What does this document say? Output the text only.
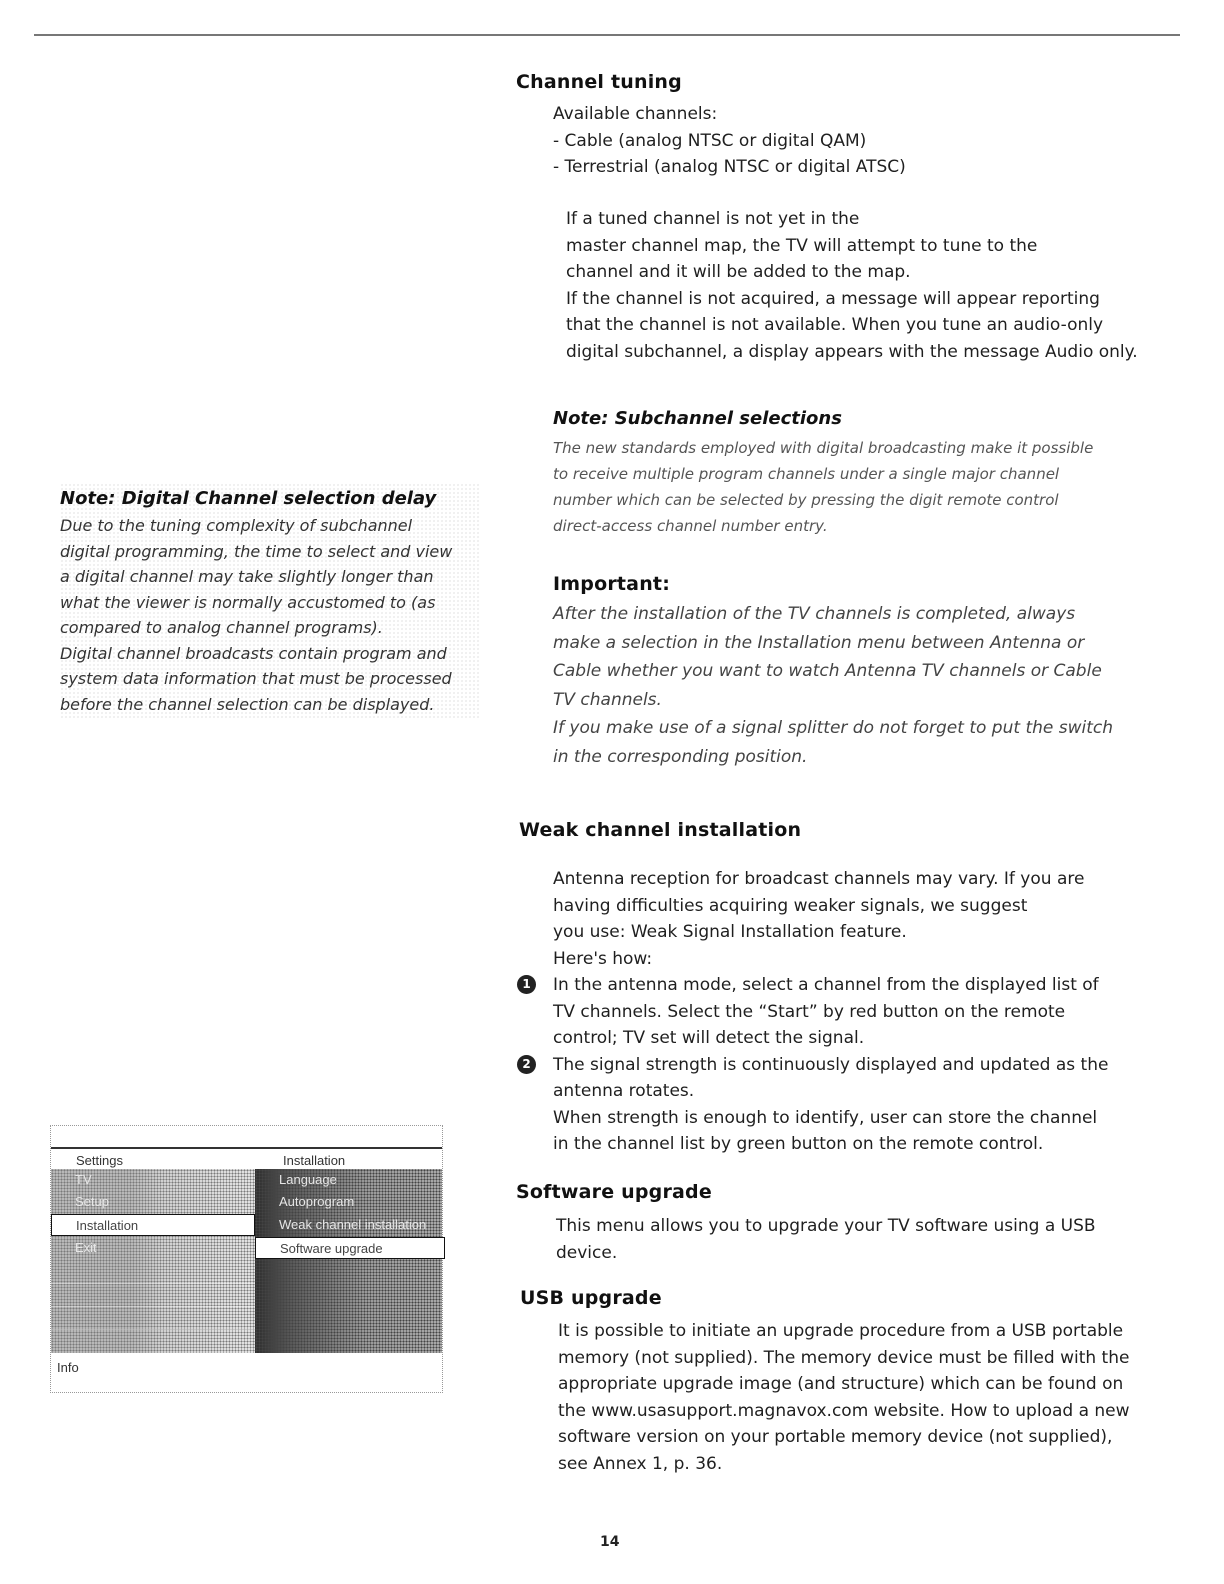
Channel tuning
Available channels:
- Cable (analog NTSC or digital QAM)
- Terrestrial (analog NTSC or digital ATSC)
If a tuned channel is not yet in the
master channel map, the TV will attempt to tune to the
channel and it will be added to the map.
If the channel is not acquired, a message will appear reporting
that the channel is not available. When you tune an audio-only
digital subchannel, a display appears with the message Audio only.
Note: Subchannel selections
The new standards employed with digital broadcasting make it possible
to receive multiple program channels under a single major channel
number which can be selected by pressing the digit remote control
direct-access channel number entry.
Important:
After the installation of the TV channels is completed, always
make a selection in the Installation menu between Antenna or
Cable whether you want to watch Antenna TV channels or Cable
TV channels.
If you make use of a signal splitter do not forget to put the switch
in the corresponding position.
Note: Digital Channel selection delay
Due to the tuning complexity of subchannel
digital programming, the time to select and view
a digital channel may take slightly longer than
what the viewer is normally accustomed to (as
compared to analog channel programs).
Digital channel broadcasts contain program and
system data information that must be processed
before the channel selection can be displayed.
Weak channel installation
Antenna reception for broadcast channels may vary. If you are
having difficulties acquiring weaker signals, we suggest
you use: Weak Signal Installation feature.
Here's how:
1	In the antenna mode, select a channel from the displayed list of
TV channels. Select the “Start” by red button on the remote
control; TV set will detect the signal.
2	The signal strength is continuously displayed and updated as the
antenna rotates.
When strength is enough to identify, user can store the channel
in the channel list by green button on the remote control.
Software upgrade
This menu allows you to upgrade your TV software using a USB
device.
USB upgrade
It is possible to initiate an upgrade procedure from a USB portable
memory (not supplied). The memory device must be filled with the
appropriate upgrade image (and structure) which can be found on
the www.usasupport.magnavox.com website. How to upload a new
software version on your portable memory device (not supplied),
see Annex 1, p. 36.
Settings	Installation
TV
Setup
Installation
Exit
Language
Autoprogram
Weak channel installation
Software upgrade
Info
14
